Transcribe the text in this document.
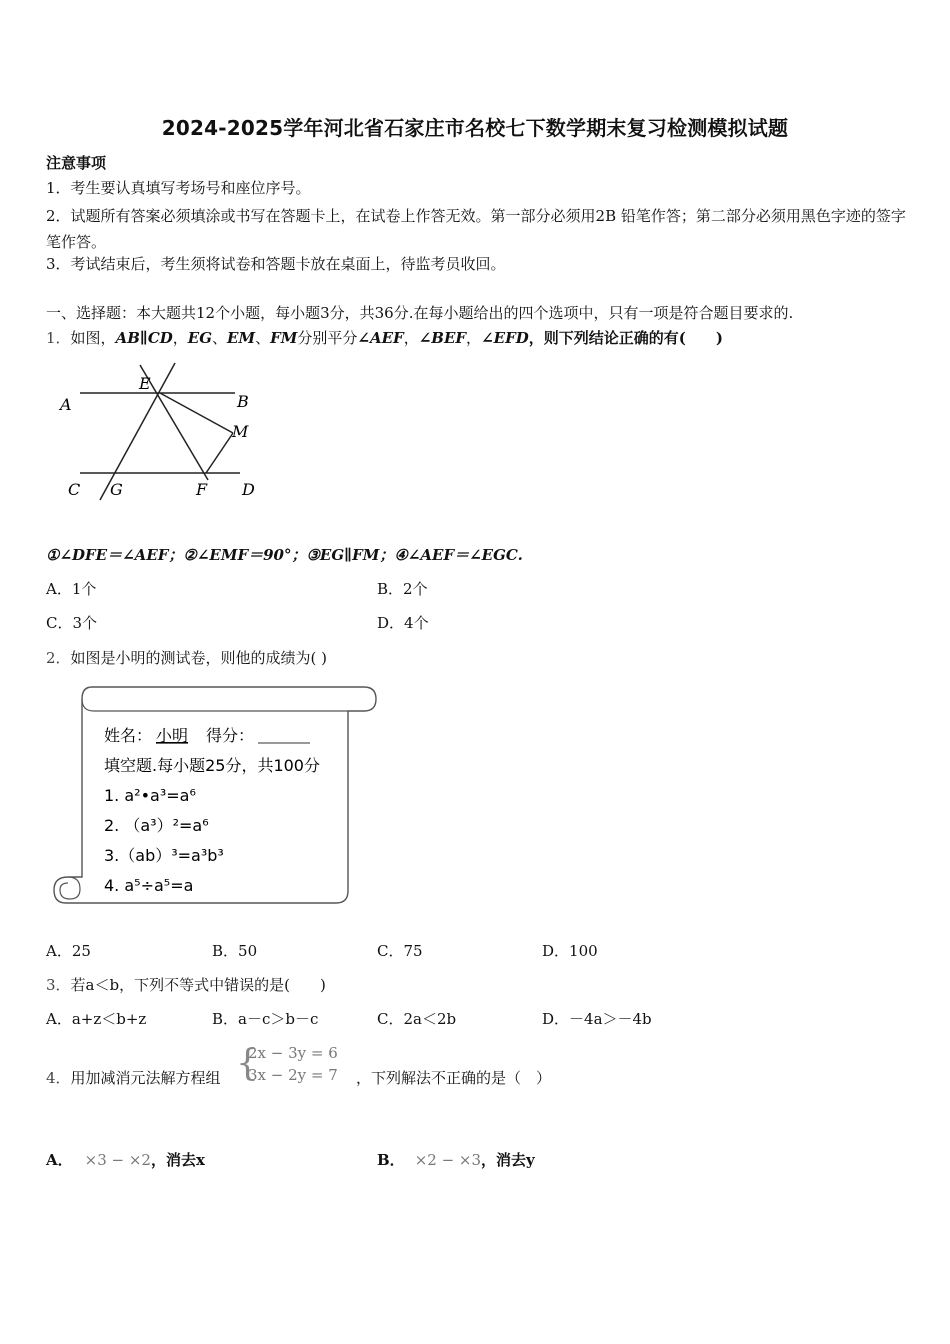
2024-2025学年河北省石家庄市名校七下数学期末复习检测模拟试题
注意事项
1．考生要认真填写考场号和座位序号。
2．试题所有答案必须填涂或书写在答题卡上，在试卷上作答无效。第一部分必须用2B 铅笔作答；第二部分必须用黑色字迹的签字笔作答。
3．考试结束后，考生须将试卷和答题卡放在桌面上，待监考员收回。
一、选择题：本大题共12个小题，每小题3分，共36分.在每小题给出的四个选项中，只有一项是符合题目要求的.
1．如图，AB∥CD，EG、EM、FM分别平分∠AEF，∠BEF，∠EFD，则下列结论正确的有(　　)
A	B
E
M
C G	F D
①∠DFE＝∠AEF；②∠EMF＝90°；③EG∥FM；④∠AEF＝∠EGC.
A．1个	B．2个
C．3个	D．4个
2．如图是小明的测试卷，则他的成绩为( )
姓名： 小明 得分：
填空题.每小题25分，共100分
1. a²•a³=a⁶
2. （a³）²=a⁶
3.（ab）³=a³b³
4. a⁵÷a⁵=a
A．25	B．50	C．75	D．100
3．若a＜b，下列不等式中错误的是(　　)
A．a+z＜b+z	B．a－c＞b－c	C．2a＜2b	D．－4a＞－4b
4．用加减消元法解方程组 {
2x − 3y = 6
3x − 2y = 7 ，下列解法不正确的是（　）
A． ×3 − ×2，消去x	B． ×2 − ×3，消去y
